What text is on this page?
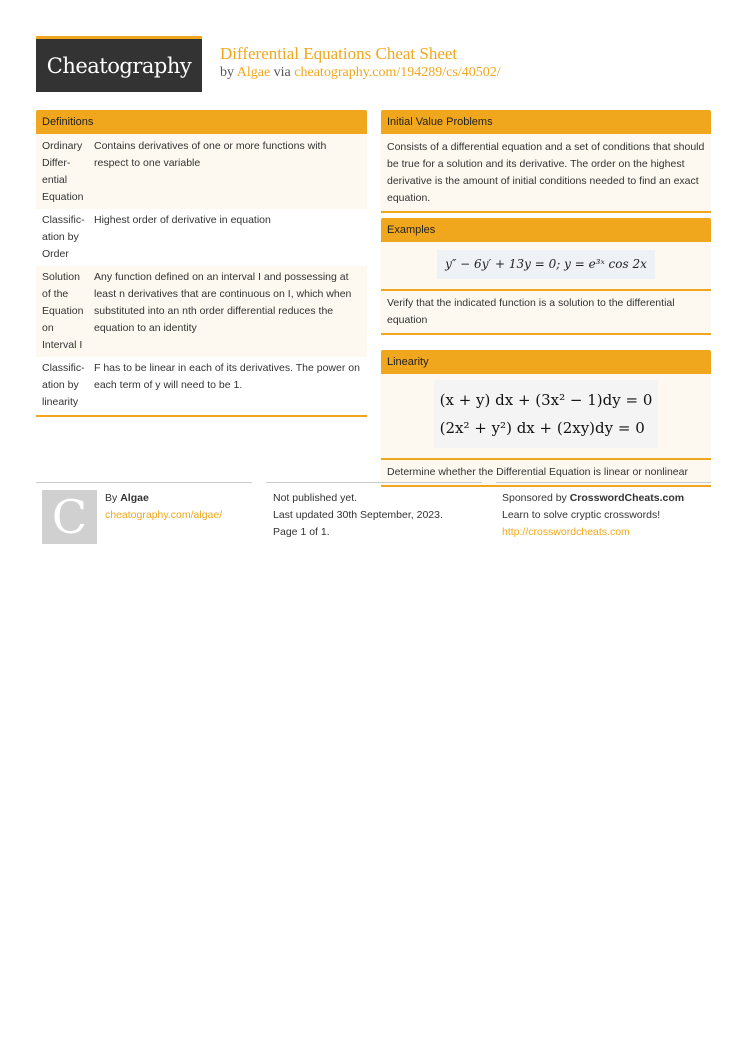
Cheatography Differential Equations Cheat Sheet
by Algae via cheatography.com/194289/cs/40502/
Definitions
Ordinary Differ-ential Equation
Contains derivatives of one or more functions with respect to one variable
Classific-ation by Order
Highest order of derivative in equation
Solution of the Equation on Interval I
Any function defined on an interval I and possessing at least n derivatives that are continuous on I, which when substituted into an nth order differential reduces the equation to an identity
Classific-ation by linearity
F has to be linear in each of its derivatives. The power on each term of y will need to be 1.
Initial Value Problems
Consists of a differential equation and a set of conditions that should be true for a solution and its derivative. The order on the highest derivative is the amount of initial conditions needed to find an exact equation.
Examples
y″ − 6y′ + 13y = 0; y = e³ˣ cos 2x
Verify that the indicated function is a solution to the differential equation
Linearity
(x + y) dx + (3x² − 1)dy = 0
(2x² + y²) dx + (2xy)dy = 0
Determine whether the Differential Equation is linear or nonlinear
C By Algae
cheatography.com/algae/
Not published yet.
Last updated 30th September, 2023.
Page 1 of 1.
Sponsored by CrosswordCheats.com
Learn to solve cryptic crosswords!
http://crosswordcheats.com
